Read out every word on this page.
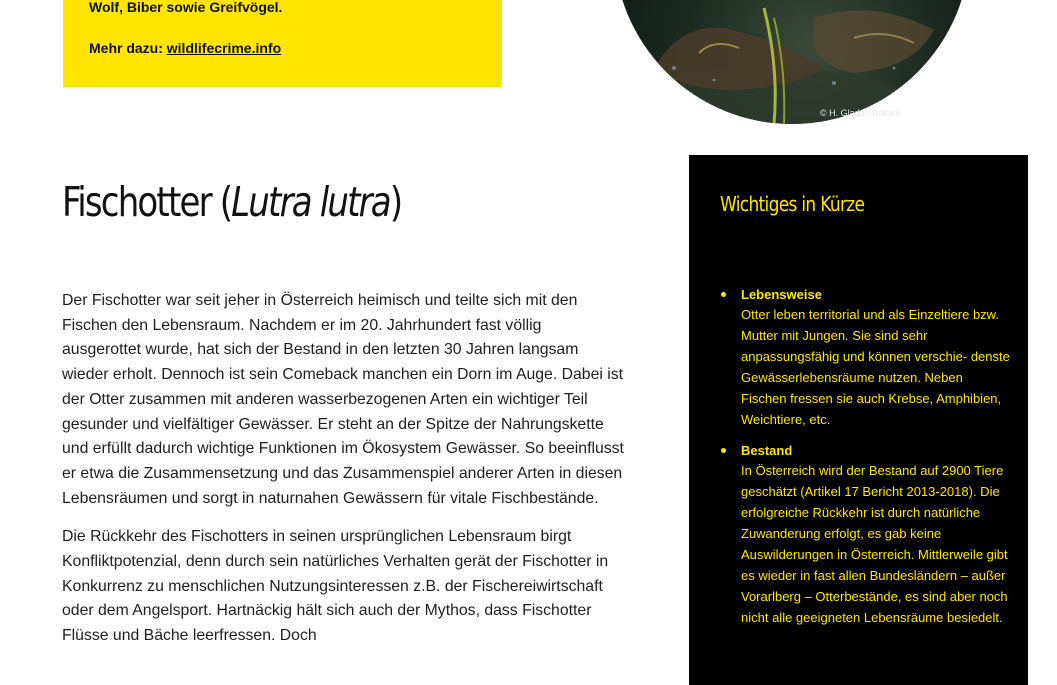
Wolf, Biber sowie Greifvögel.

Mehr dazu: wildlifecrime.info

© H. Glader/4nature
Fischotter (Lutra lutra)

Der Fischotter war seit jeher in Österreich heimisch und teilte sich mit den Fischen den Lebensraum. Nachdem er im 20. Jahrhundert fast völlig ausgerottet wurde, hat sich der Bestand in den letzten 30 Jahren langsam wieder erholt. Dennoch ist sein Comeback manchen ein Dorn im Auge. Dabei ist der Otter zusammen mit anderen wasserbezogenen Arten ein wichtiger Teil gesunder und vielfältiger Gewässer. Er steht an der Spitze der Nahrungskette und erfüllt dadurch wichtige Funktionen im Ökosystem Gewässer. So beeinflusst er etwa die Zusammensetzung und das Zusammenspiel anderer Arten in diesen Lebensräumen und sorgt in naturnahen Gewässern für vitale Fischbestände.

Die Rückkehr des Fischotters in seinen ursprünglichen Lebensraum birgt Konfliktpotenzial, denn durch sein natürliches Verhalten gerät der Fischotter in Konkurrenz zu menschlichen Nutzungsinteressen z.B. der Fischereiwirtschaft oder dem Angelsport. Hartnäckig hält sich auch der Mythos, dass Fischotter Flüsse und Bäche leerfressen. Doch

Wichtiges in Kürze
Lebensweise
Otter leben territorial und als Einzeltiere bzw. Mutter mit Jungen. Sie sind sehr anpassungsfähig und können verschie- denste Gewässerlebensräume nutzen. Neben Fischen fressen sie auch Krebse, Amphibien, Weichtiere, etc.
Bestand
In Österreich wird der Bestand auf 2900 Tiere geschätzt (Artikel 17 Bericht 2013-2018). Die erfolgreiche Rückkehr ist durch natürliche Zuwanderung erfolgt, es gab keine Auswilderungen in Österreich. Mittlerweile gibt es wieder in fast allen Bundesländern – außer Vorarlberg – Otterbestände, es sind aber noch nicht alle geeigneten Lebensräume besiedelt.
